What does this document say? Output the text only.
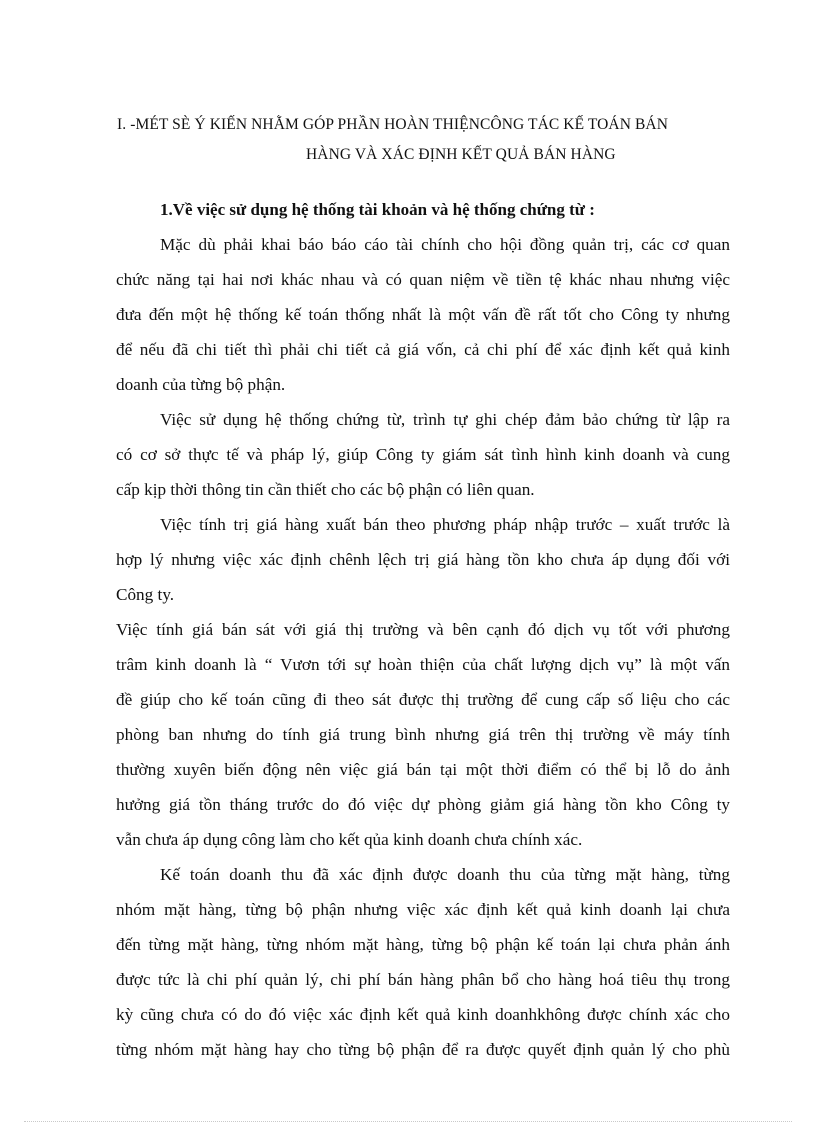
I. -MÉT SÈ Ý KIẾN NHẰM GÓP PHẦN HOÀN THIỆNCÔNG TÁC KẾ TOÁN BÁN
HÀNG VÀ XÁC ĐỊNH KẾT QUẢ BÁN HÀNG
1.Về việc sử dụng hệ thống tài khoản và hệ thống chứng từ :
Mặc dù phải khai báo báo cáo tài chính cho hội đồng quản trị, các cơ quan
chức năng tại hai nơi khác nhau và có quan niệm về tiền tệ khác nhau nhưng việc
đưa đến một hệ thống kế toán thống nhất là một vấn đề rất tốt cho Công ty nhưng
để nếu đã chi tiết thì phải chi tiết cả giá vốn, cả chi phí để xác định kết quả kinh
doanh của từng bộ phận.
Việc sử dụng hệ thống chứng từ, trình tự ghi chép đảm bảo chứng từ lập ra
có cơ sở thực tế và pháp lý, giúp Công ty giám sát tình hình kinh doanh và cung
cấp kịp thời thông tin cần thiết cho các bộ phận có liên quan.
Việc tính trị giá hàng xuất bán theo phương pháp nhập trước – xuất trước là
hợp lý nhưng việc xác định chênh lệch trị giá hàng tồn kho chưa áp dụng đối với
Công ty.
Việc tính giá bán sát với giá thị trường và bên cạnh đó dịch vụ tốt với phương
trâm kinh doanh là “ Vươn tới sự hoàn thiện của chất lượng dịch vụ” là một vấn
đề giúp cho kế toán cũng đi theo sát được thị trường để cung cấp số liệu cho các
phòng ban nhưng do tính giá trung bình nhưng giá trên thị trường về máy tính
thường xuyên biến động nên việc giá bán tại một thời điểm có thể bị lỗ do ảnh
hưởng giá tồn tháng trước do đó việc dự phòng giảm giá hàng tồn kho Công ty
vẫn chưa áp dụng công làm cho kết qủa kinh doanh chưa chính xác.
Kế toán doanh thu đã xác định được doanh thu của từng mặt hàng, từng
nhóm mặt hàng, từng bộ phận nhưng việc xác định kết quả kinh doanh lại chưa
đến từng mặt hàng, từng nhóm mặt hàng, từng bộ phận kế toán lại chưa phản ánh
được tức là chi phí quản lý, chi phí bán hàng phân bổ cho hàng hoá tiêu thụ trong
kỳ cũng chưa có do đó việc xác định kết quả kinh doanhkhông được chính xác cho
từng nhóm mặt hàng hay cho từng bộ phận để ra được quyết định quản lý cho phù
